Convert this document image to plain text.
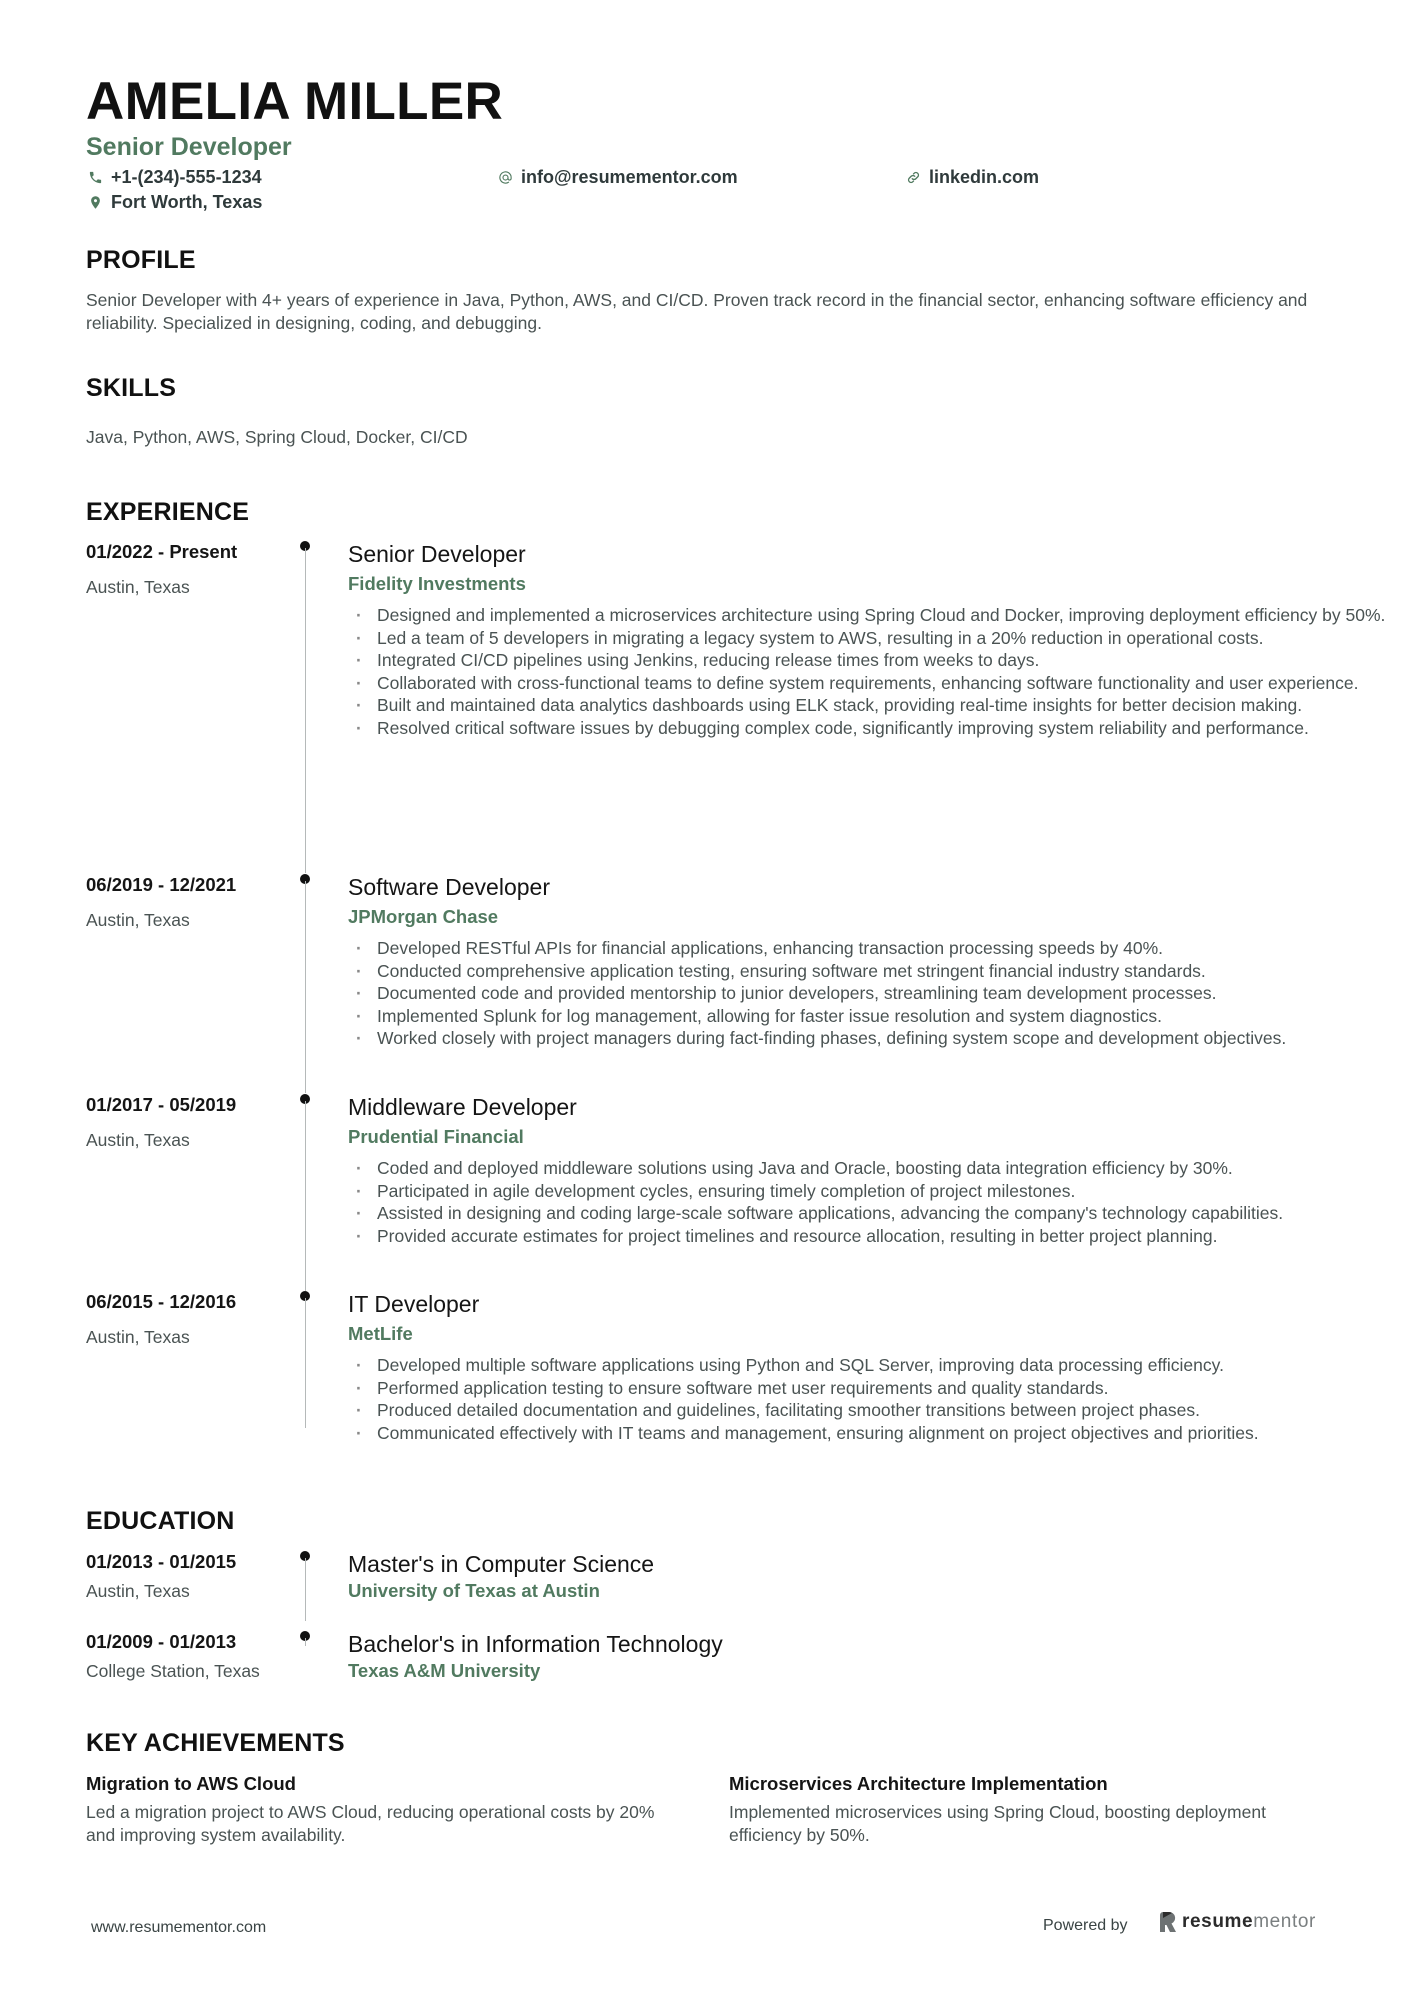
AMELIA MILLER
Senior Developer
+1-(234)-555-1234
Fort Worth, Texas
info@resumementor.com	linkedin.com
PROFILE
Senior Developer with 4+ years of experience in Java, Python, AWS, and CI/CD. Proven track record in the financial sector, enhancing software efficiency and reliability. Specialized in designing, coding, and debugging.
SKILLS
Java, Python, AWS, Spring Cloud, Docker, CI/CD
EXPERIENCE
01/2022 - Present
Austin, Texas
Senior Developer
Fidelity Investments
· Designed and implemented a microservices architecture using Spring Cloud and Docker, improving deployment efficiency by 50%.
· Led a team of 5 developers in migrating a legacy system to AWS, resulting in a 20% reduction in operational costs.
· Integrated CI/CD pipelines using Jenkins, reducing release times from weeks to days.
· Collaborated with cross-functional teams to define system requirements, enhancing software functionality and user experience.
· Built and maintained data analytics dashboards using ELK stack, providing real-time insights for better decision making.
· Resolved critical software issues by debugging complex code, significantly improving system reliability and performance.
06/2019 - 12/2021
Austin, Texas
Software Developer
JPMorgan Chase
· Developed RESTful APIs for financial applications, enhancing transaction processing speeds by 40%.
· Conducted comprehensive application testing, ensuring software met stringent financial industry standards.
· Documented code and provided mentorship to junior developers, streamlining team development processes.
· Implemented Splunk for log management, allowing for faster issue resolution and system diagnostics.
· Worked closely with project managers during fact-finding phases, defining system scope and development objectives.
01/2017 - 05/2019
Austin, Texas
Middleware Developer
Prudential Financial
· Coded and deployed middleware solutions using Java and Oracle, boosting data integration efficiency by 30%.
· Participated in agile development cycles, ensuring timely completion of project milestones.
· Assisted in designing and coding large-scale software applications, advancing the company's technology capabilities.
· Provided accurate estimates for project timelines and resource allocation, resulting in better project planning.
06/2015 - 12/2016
Austin, Texas
IT Developer
MetLife
· Developed multiple software applications using Python and SQL Server, improving data processing efficiency.
· Performed application testing to ensure software met user requirements and quality standards.
· Produced detailed documentation and guidelines, facilitating smoother transitions between project phases.
· Communicated effectively with IT teams and management, ensuring alignment on project objectives and priorities.
EDUCATION
01/2013 - 01/2015
Austin, Texas
Master's in Computer Science
University of Texas at Austin
01/2009 - 01/2013
College Station, Texas
Bachelor's in Information Technology
Texas A&M University
KEY ACHIEVEMENTS
Migration to AWS Cloud
Led a migration project to AWS Cloud, reducing operational costs by 20% and improving system availability.
Microservices Architecture Implementation
Implemented microservices using Spring Cloud, boosting deployment efficiency by 50%.
www.resumementor.com	Powered by	resume mentor
